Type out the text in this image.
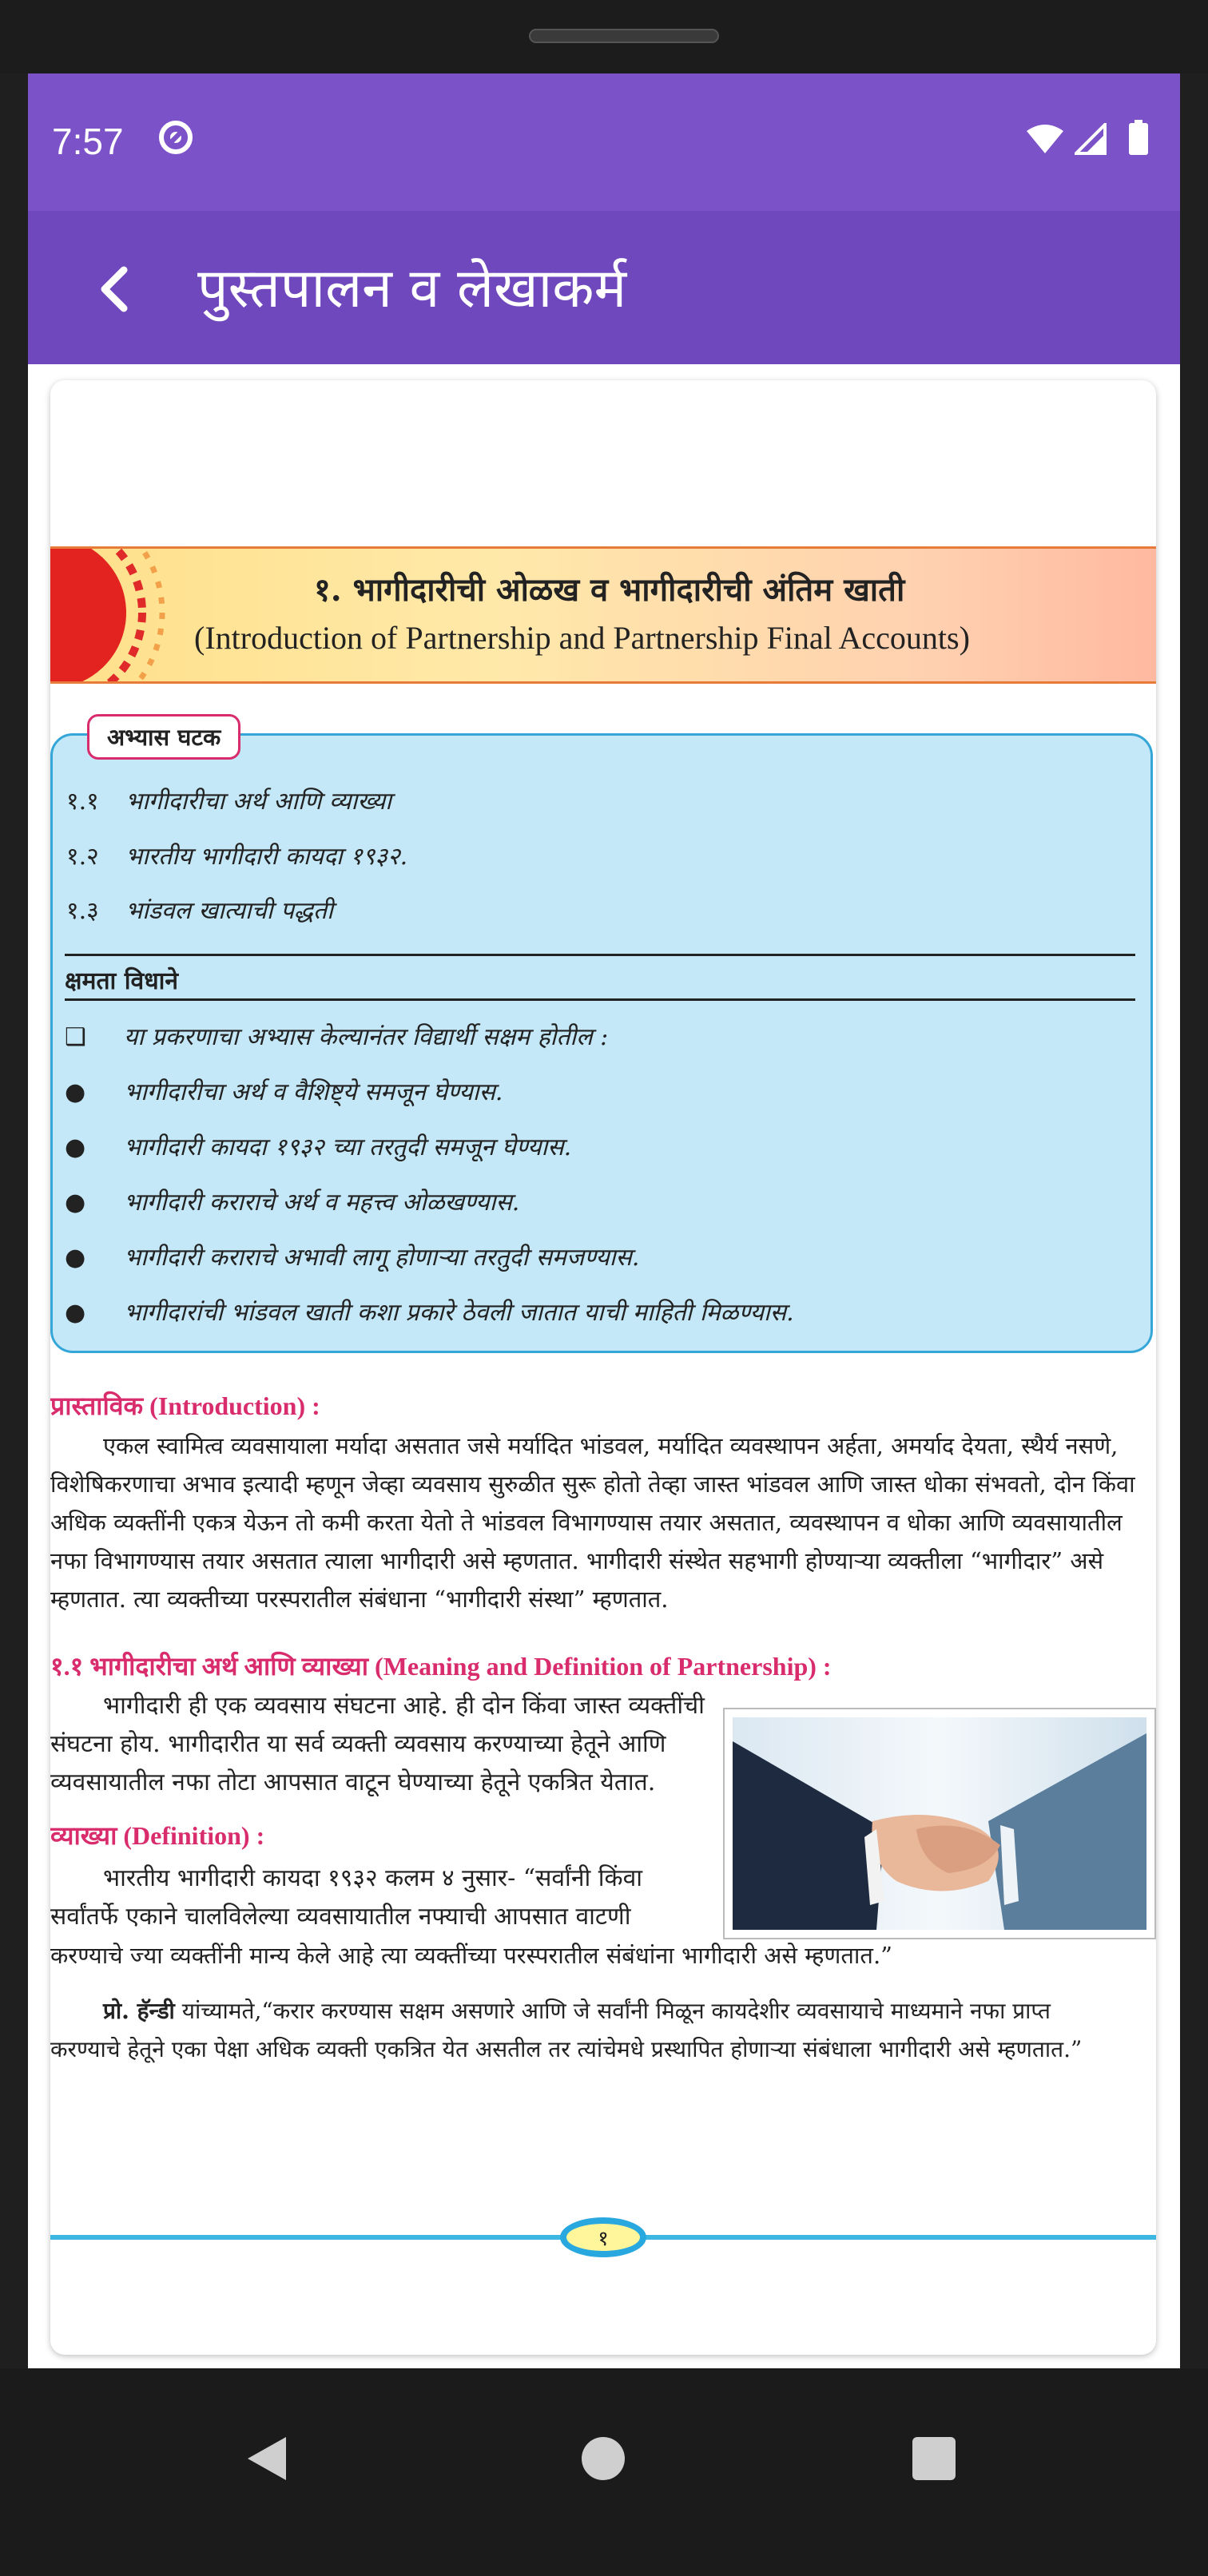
7:57
पुस्तपालन व लेखाकर्म
१. भागीदारीची ओळख व भागीदारीची अंतिम खाती
(Introduction of Partnership and Partnership Final Accounts)
अभ्यास घटक
१.१ भागीदारीचा अर्थ आणि व्याख्या
१.२ भारतीय भागीदारी कायदा १९३२.
१.३ भांडवल खात्याची पद्धती
क्षमता विधाने
❑ या प्रकरणाचा अभ्यास केल्यानंतर विद्यार्थी सक्षम होतील :
● भागीदारीचा अर्थ व वैशिष्ट्ये समजून घेण्यास.
● भागीदारी कायदा १९३२ च्या तरतुदी समजून घेण्यास.
● भागीदारी कराराचे अर्थ व महत्त्व ओळखण्यास.
● भागीदारी कराराचे अभावी लागू होणाऱ्या तरतुदी समजण्यास.
● भागीदारांची भांडवल खाती कशा प्रकारे ठेवली जातात याची माहिती मिळण्यास.
प्रास्ताविक (Introduction) :

एकल स्वामित्व व्यवसायाला मर्यादा असतात जसे मर्यादित भांडवल, मर्यादित व्यवस्थापन अर्हता, अमर्याद देयता, स्थैर्य नसणे,

विशेषिकरणाचा अभाव इत्यादी म्हणून जेव्हा व्यवसाय सुरुळीत सुरू होतो तेव्हा जास्त भांडवल आणि जास्त धोका संभवतो, दोन किंवा

अधिक व्यक्तींनी एकत्र येऊन तो कमी करता येतो ते भांडवल विभागण्यास तयार असतात, व्यवस्थापन व धोका आणि व्यवसायातील

नफा विभागण्यास तयार असतात त्याला भागीदारी असे म्हणतात. भागीदारी संस्थेत सहभागी होण्याऱ्या व्यक्तीला “भागीदार” असे

म्हणतात. त्या व्यक्तीच्या परस्परातील संबंधाना “भागीदारी संस्था” म्हणतात.

१.१ भागीदारीचा अर्थ आणि व्याख्या (Meaning and Definition of Partnership) :

भागीदारी ही एक व्यवसाय संघटना आहे. ही दोन किंवा जास्त व्यक्तींची

संघटना होय. भागीदारीत या सर्व व्यक्ती व्यवसाय करण्याच्या हेतूने आणि

व्यवसायातील नफा तोटा आपसात वाटून घेण्याच्या हेतूने एकत्रित येतात.

व्याख्या (Definition) :

भारतीय भागीदारी कायदा १९३२ कलम ४ नुसार- “सर्वांनी किंवा

सर्वांतर्फे एकाने चालविलेल्या व्यवसायातील नफ्याची आपसात वाटणी

करण्याचे ज्या व्यक्तींनी मान्य केले आहे त्या व्यक्तींच्या परस्परातील संबंधांना भागीदारी असे म्हणतात.”

प्रो. हॅन्डी यांच्यामते,“करार करण्यास सक्षम असणारे आणि जे सर्वांनी मिळून कायदेशीर व्यवसायाचे माध्यमाने नफा प्राप्त

करण्याचे हेतूने एका पेक्षा अधिक व्यक्ती एकत्रित येत असतील तर त्यांचेमधे प्रस्थापित होणाऱ्या संबंधाला भागीदारी असे म्हणतात.”

१
